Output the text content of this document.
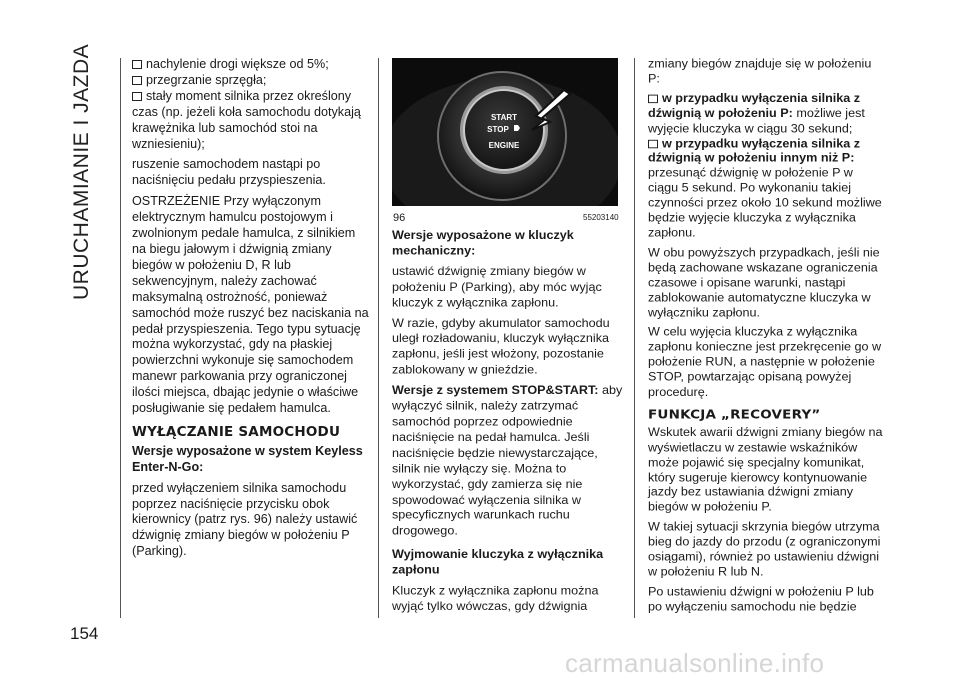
URUCHAMIANIE I JAZDA
154

nachylenie drogi większe od 5%;

przegrzanie sprzęgła;

stały moment silnika przez określony czas (np. jeżeli koła samochodu dotykają krawężnika lub samochód stoi na wzniesieniu);

ruszenie samochodem nastąpi po naciśnięciu pedału przyspieszenia.

OSTRZEŻENIE Przy wyłączonym elektrycznym hamulcu postojowym i zwolnionym pedale hamulca, z silnikiem na biegu jałowym i dźwignią zmiany biegów w położeniu D, R lub sekwencyjnym, należy zachować maksymalną ostrożność, ponieważ samochód może ruszyć bez naciskania na pedał przyspieszenia. Tego typu sytuację można wykorzystać, gdy na płaskiej powierzchni wykonuje się samochodem manewr parkowania przy ograniczonej ilości miejsca, dbając jedynie o właściwe posługiwanie się pedałem hamulca.

WYŁĄCZANIE SAMOCHODU

Wersje wyposażone w system Keyless Enter-N-Go:

przed wyłączeniem silnika samochodu poprzez naciśnięcie przycisku obok kierownicy (patrz rys. 96) należy ustawić dźwignię zmiany biegów w położeniu P (Parking).

START
STOP
ENGINE
96	55203140

Wersje wyposażone w kluczyk mechaniczny:

ustawić dźwignię zmiany biegów w położeniu P (Parking), aby móc wyjąc kluczyk z wyłącznika zapłonu.

W razie, gdyby akumulator samochodu uległ rozładowaniu, kluczyk wyłącznika zapłonu, jeśli jest włożony, pozostanie zablokowany w gnieździe.

Wersje z systemem STOP&START: aby wyłączyć silnik, należy zatrzymać samochód poprzez odpowiednie naciśnięcie na pedał hamulca. Jeśli naciśnięcie będzie niewystarczające, silnik nie wyłączy się. Można to wykorzystać, gdy zamierza się nie spowodować wyłączenia silnika w specyficznych warunkach ruchu drogowego.

Wyjmowanie kluczyka z wyłącznika zapłonu

Kluczyk z wyłącznika zapłonu można wyjąć tylko wówczas, gdy dźwignia

zmiany biegów znajduje się w położeniu P:

w przypadku wyłączenia silnika z dźwignią w położeniu P: możliwe jest wyjęcie kluczyka w ciągu 30 sekund;

w przypadku wyłączenia silnika z dźwignią w położeniu innym niż P: przesunąć dźwignię w położenie P w ciągu 5 sekund. Po wykonaniu takiej czynności przez około 10 sekund możliwe będzie wyjęcie kluczyka z wyłącznika zapłonu.

W obu powyższych przypadkach, jeśli nie będą zachowane wskazane ograniczenia czasowe i opisane warunki, nastąpi zablokowanie automatyczne kluczyka w wyłączniku zapłonu.

W celu wyjęcia kluczyka z wyłącznika zapłonu konieczne jest przekręcenie go w położenie RUN, a następnie w położenie STOP, powtarzając opisaną powyżej procedurę.

FUNKCJA „RECOVERY”

Wskutek awarii dźwigni zmiany biegów na wyświetlaczu w zestawie wskaźników może pojawić się specjalny komunikat, który sugeruje kierowcy kontynuowanie jazdy bez ustawiania dźwigni zmiany biegów w położeniu P.

W takiej sytuacji skrzynia biegów utrzyma bieg do jazdy do przodu (z ograniczonymi osiągami), również po ustawieniu dźwigni w położeniu R lub N.

Po ustawieniu dźwigni w położeniu P lub po wyłączeniu samochodu nie będzie

carmanualsonline.info
